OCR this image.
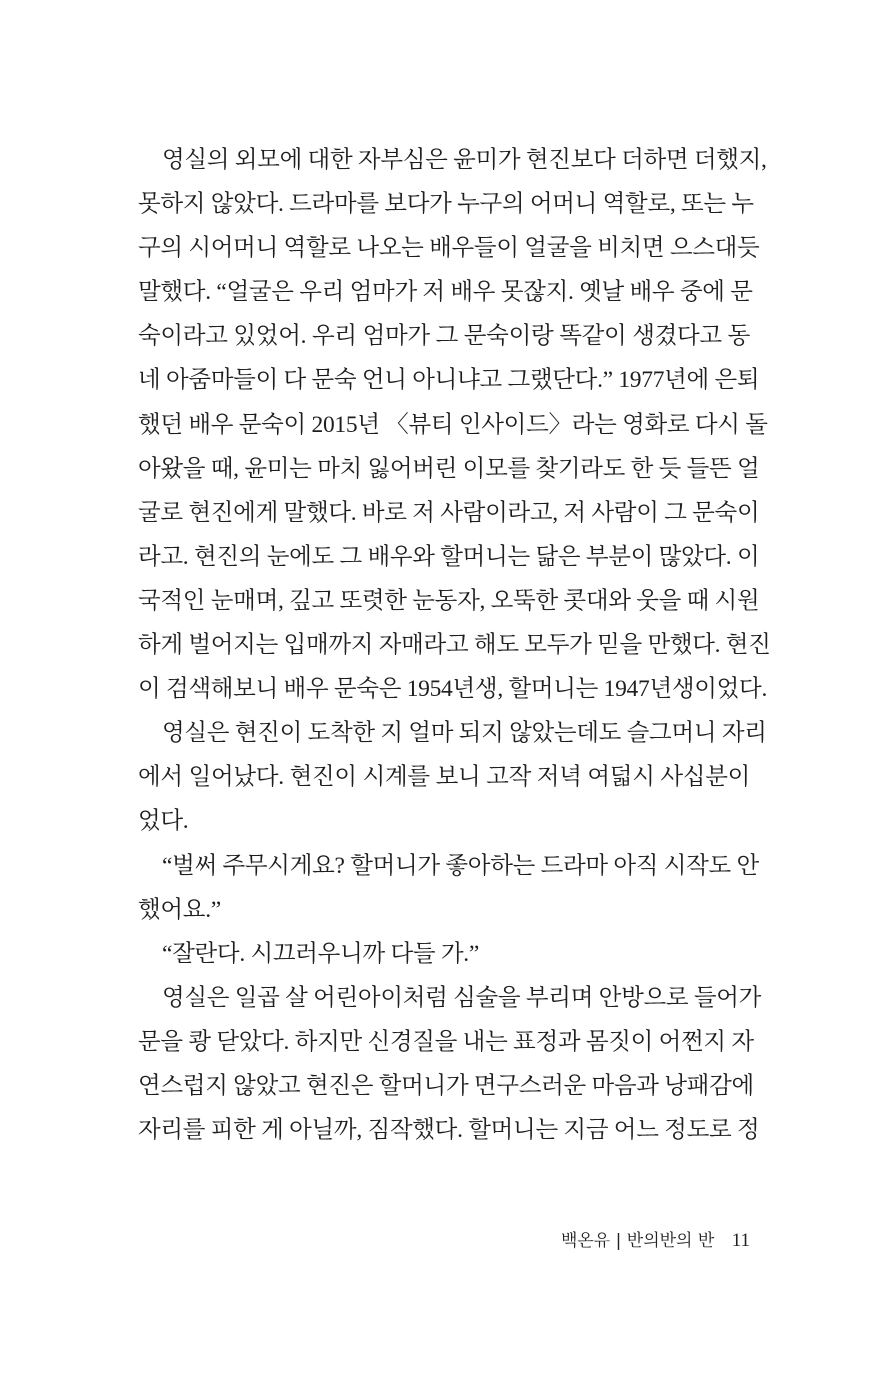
영실의 외모에 대한 자부심은 윤미가 현진보다 더하면 더했지,
못하지 않았다. 드라마를 보다가 누구의 어머니 역할로, 또는 누
구의 시어머니 역할로 나오는 배우들이 얼굴을 비치면 으스대듯
말했다. “얼굴은 우리 엄마가 저 배우 못잖지. 옛날 배우 중에 문
숙이라고 있었어. 우리 엄마가 그 문숙이랑 똑같이 생겼다고 동
네 아줌마들이 다 문숙 언니 아니냐고 그랬단다.” 1977년에 은퇴
했던 배우 문숙이 2015년 〈뷰티 인사이드〉라는 영화로 다시 돌
아왔을 때, 윤미는 마치 잃어버린 이모를 찾기라도 한 듯 들뜬 얼
굴로 현진에게 말했다. 바로 저 사람이라고, 저 사람이 그 문숙이
라고. 현진의 눈에도 그 배우와 할머니는 닮은 부분이 많았다. 이
국적인 눈매며, 깊고 또렷한 눈동자, 오뚝한 콧대와 웃을 때 시원
하게 벌어지는 입매까지 자매라고 해도 모두가 믿을 만했다. 현진
이 검색해보니 배우 문숙은 1954년생, 할머니는 1947년생이었다.
영실은 현진이 도착한 지 얼마 되지 않았는데도 슬그머니 자리
에서 일어났다. 현진이 시계를 보니 고작 저녁 여덟시 사십분이
었다.
“벌써 주무시게요? 할머니가 좋아하는 드라마 아직 시작도 안
했어요.”
“잘란다. 시끄러우니까 다들 가.”
영실은 일곱 살 어린아이처럼 심술을 부리며 안방으로 들어가
문을 쾅 닫았다. 하지만 신경질을 내는 표정과 몸짓이 어쩐지 자
연스럽지 않았고 현진은 할머니가 면구스러운 마음과 낭패감에
자리를 피한 게 아닐까, 짐작했다. 할머니는 지금 어느 정도로 정
백온유 | 반의반의 반 11
